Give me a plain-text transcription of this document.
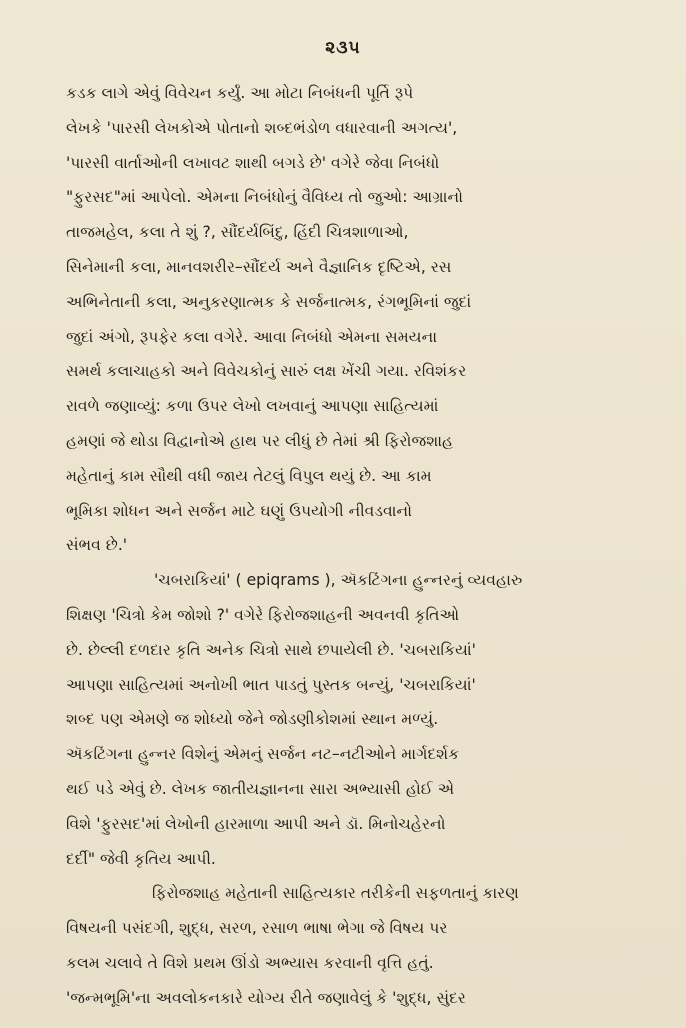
૨૩૫
કડક લાગે એવું વિવેચન કર્યું. આ મોટા નિબંધની પૂર્તિ રૂપે
લેખકે 'પારસી લેખકોએ પોતાનો શબ્દભંડોળ વધારવાની અગત્ય',
'પારસી વાર્તાઓની લખાવટ શાથી બગડે છે' વગેરે જેવા નિબંધો
"ફુરસદ"માં આપેલો. એમના નિબંધોનું વૈવિધ્ય તો જુઓ: આગ્રાનો
તાજમહેલ, કલા તે શું ?, સૌંદર્યબિંદુ, હિંદી ચિત્રશાળાઓ,
સિનેમાની કલા, માનવશરીર–સૌંદર્ય અને વૈજ્ઞાનિક દૃષ્ટિએ, રસ
અભિનેતાની કલા, અનુકરણાત્મક કે સર્જનાત્મક, રંગભૂમિનાં જુદાં
જુદાં અંગો, રૂપફેર કલા વગેરે. આવા નિબંધો એમના સમયના
સમર્થ કલાચાહકો અને વિવેચકોનું સારું લક્ષ ખેંચી ગયા. રવિશંકર
રાવળે જણાવ્યું: કળા ઉપર લેખો લખવાનું આપણા સાહિત્યમાં
હમણાં જે થોડા વિદ્વાનોએ હાથ પર લીધું છે તેમાં શ્રી ફિરોજશાહ
મહેતાનું કામ સૌથી વધી જાય તેટલું વિપુલ થયું છે. આ કામ
ભૂમિકા શોધન અને સર્જન માટે ઘણું ઉપયોગી નીવડવાનો
સંભવ છે.'
'ચબરાકિયાં' ( epiqrams ), ઍકટિંગના હુન્નરનું વ્યવહારુ
શિક્ષણ 'ચિત્રો કેમ જોશો ?' વગેરે ફિરોજશાહની અવનવી કૃતિઓ
છે. છેલ્લી દળદાર કૃતિ અનેક ચિત્રો સાથે છપાયેલી છે. 'ચબરાકિયાં'
આપણા સાહિત્યમાં અનોખી ભાત પાડતું પુસ્તક બન્યું, 'ચબરાકિયાં'
શબ્દ પણ એમણે જ શોધ્યો જેને જોડણીકોશમાં સ્થાન મળ્યું.
ઍકટિંગના હુન્નર વિશેનું એમનું સર્જન નટ–નટીઓને માર્ગદર્શક
થઈ પડે એવું છે. લેખક જાતીયજ્ઞાનના સારા અભ્યાસી હોઈ એ
વિશે 'ફુરસદ'માં લેખોની હારમાળા આપી અને ડૉ. મિનોચહેરનો
દર્દી" જેવી કૃતિય આપી.
ફિરોજશાહ મહેતાની સાહિત્યકાર તરીકેની સફળતાનું કારણ
વિષયની પસંદગી, શુદ્ધ, સરળ, રસાળ ભાષા ભેગા જે વિષય પર
કલમ ચલાવે તે વિશે પ્રથમ ઊંડો અભ્યાસ કરવાની વૃત્તિ હતું.
'જન્મભૂમિ'ના અવલોકનકારે યોગ્ય રીતે જણાવેલું કે 'શુદ્ધ, સુંદર
